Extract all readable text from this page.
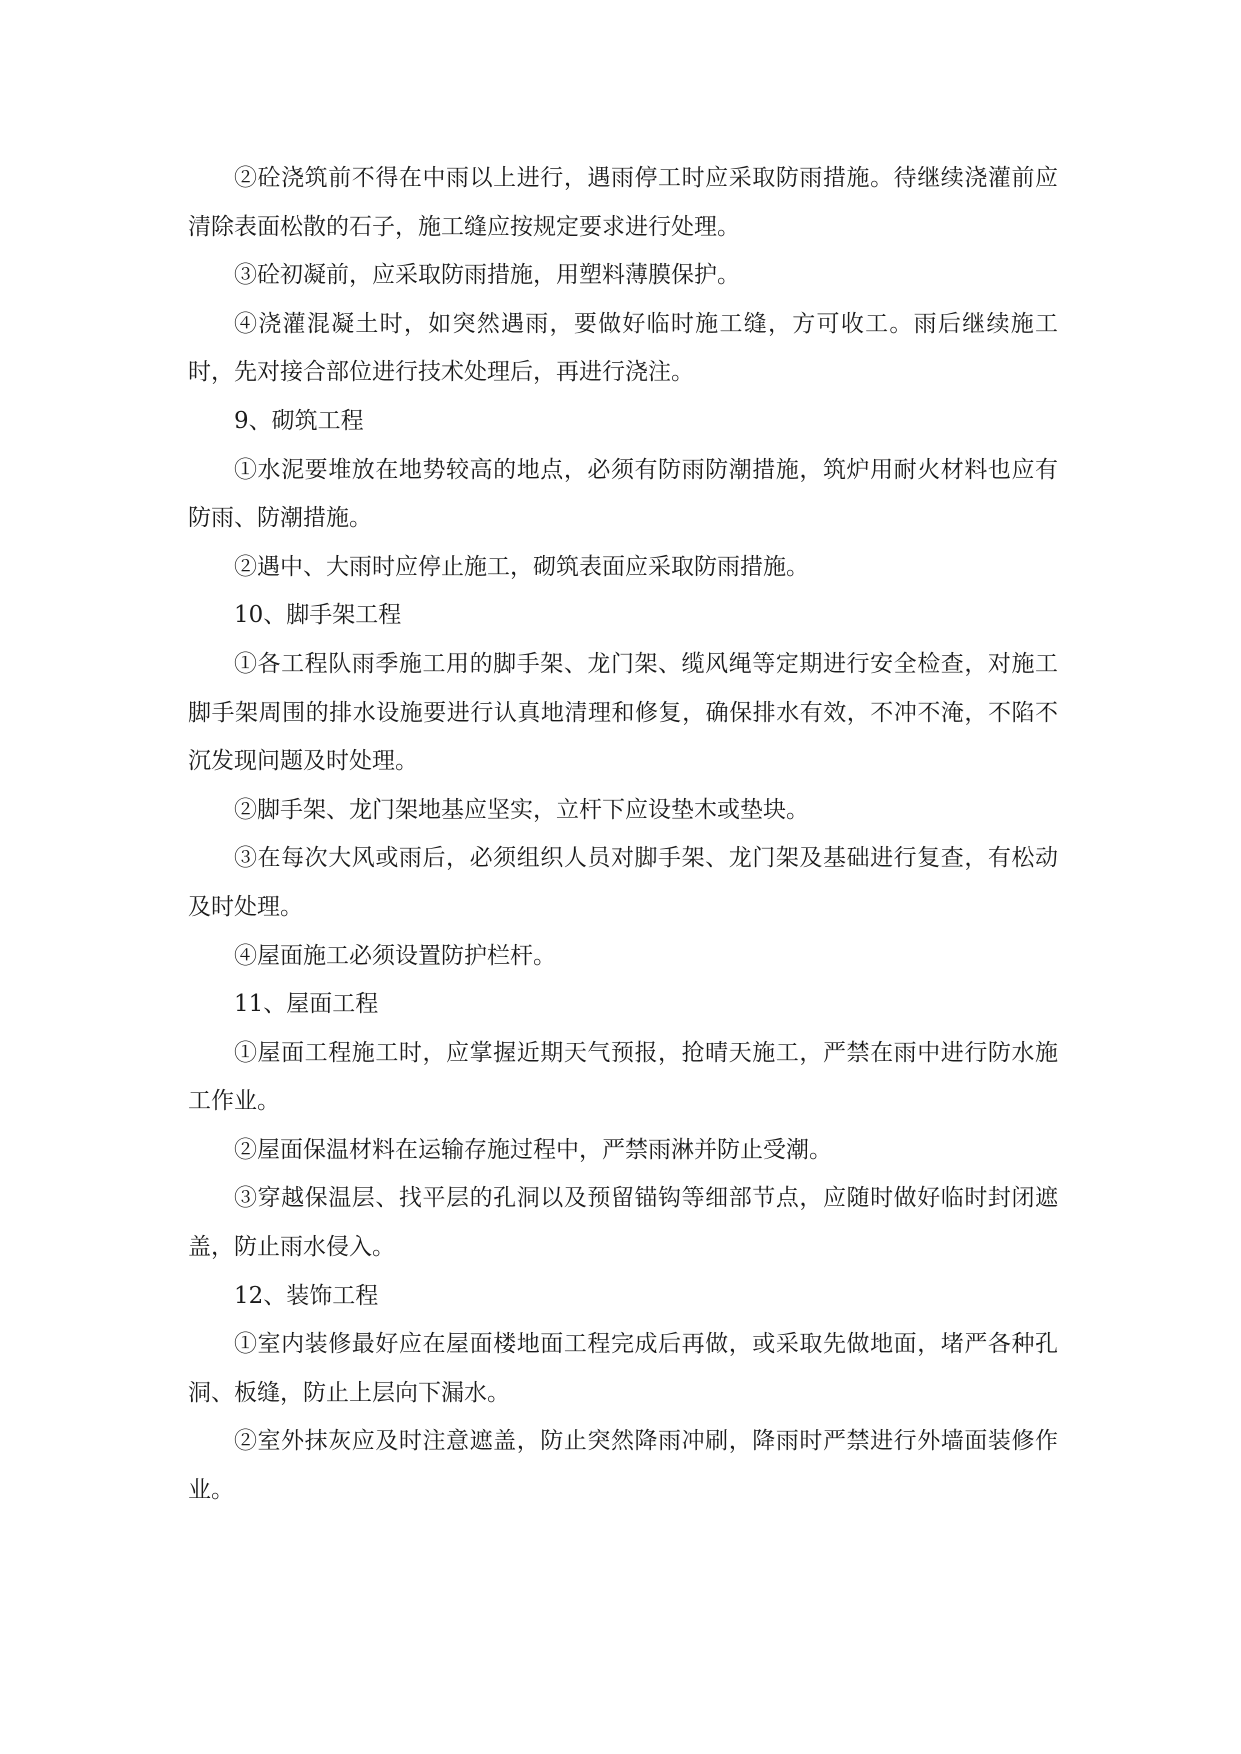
②砼浇筑前不得在中雨以上进行，遇雨停工时应采取防雨措施。待继续浇灌前应清除表面松散的石子，施工缝应按规定要求进行处理。

③砼初凝前，应采取防雨措施，用塑料薄膜保护。

④浇灌混凝土时，如突然遇雨，要做好临时施工缝，方可收工。雨后继续施工时，先对接合部位进行技术处理后，再进行浇注。

9、砌筑工程

①水泥要堆放在地势较高的地点，必须有防雨防潮措施，筑炉用耐火材料也应有防雨、防潮措施。

②遇中、大雨时应停止施工，砌筑表面应采取防雨措施。

10、脚手架工程

①各工程队雨季施工用的脚手架、龙门架、缆风绳等定期进行安全检查，对施工脚手架周围的排水设施要进行认真地清理和修复，确保排水有效，不冲不淹，不陷不沉发现问题及时处理。

②脚手架、龙门架地基应坚实，立杆下应设垫木或垫块。

③在每次大风或雨后，必须组织人员对脚手架、龙门架及基础进行复查，有松动及时处理。

④屋面施工必须设置防护栏杆。

11、屋面工程

①屋面工程施工时，应掌握近期天气预报，抢晴天施工，严禁在雨中进行防水施工作业。

②屋面保温材料在运输存施过程中，严禁雨淋并防止受潮。

③穿越保温层、找平层的孔洞以及预留锚钩等细部节点，应随时做好临时封闭遮盖，防止雨水侵入。

12、装饰工程

①室内装修最好应在屋面楼地面工程完成后再做，或采取先做地面，堵严各种孔洞、板缝，防止上层向下漏水。

②室外抹灰应及时注意遮盖，防止突然降雨冲刷，降雨时严禁进行外墙面装修作业。
